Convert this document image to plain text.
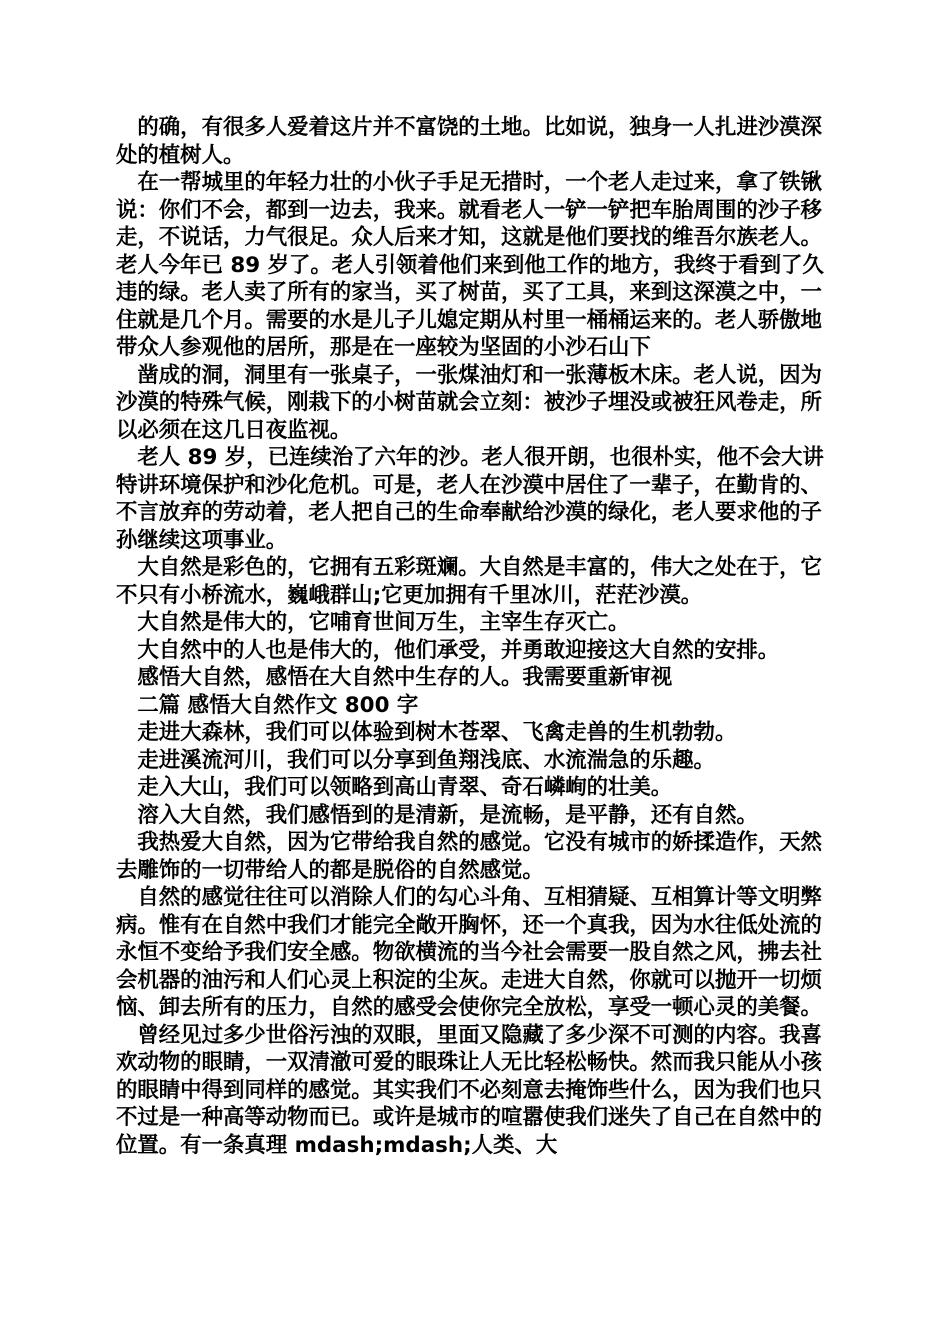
　的确，有很多人爱着这片并不富饶的土地。比如说，独身一人扎进沙漠深处的植树人。

　在一帮城里的年轻力壮的小伙子手足无措时，一个老人走过来，拿了铁锹说：你们不会，都到一边去，我来。就看老人一铲一铲把车胎周围的沙子移走，不说话，力气很足。众人后来才知，这就是他们要找的维吾尔族老人。老人今年已 89 岁了。老人引领着他们来到他工作的地方，我终于看到了久违的绿。老人卖了所有的家当，买了树苗，买了工具，来到这深漠之中，一住就是几个月。需要的水是儿子儿媳定期从村里一桶桶运来的。老人骄傲地带众人参观他的居所，那是在一座较为坚固的小沙石山下

　凿成的洞，洞里有一张桌子，一张煤油灯和一张薄板木床。老人说，因为沙漠的特殊气候，刚栽下的小树苗就会立刻：被沙子埋没或被狂风卷走，所以必须在这几日夜监视。

　老人 89 岁，已连续治了六年的沙。老人很开朗，也很朴实，他不会大讲特讲环境保护和沙化危机。可是，老人在沙漠中居住了一辈子，在勤肯的、不言放弃的劳动着，老人把自己的生命奉献给沙漠的绿化，老人要求他的子孙继续这项事业。

　大自然是彩色的，它拥有五彩斑斓。大自然是丰富的，伟大之处在于，它不只有小桥流水，巍峨群山;它更加拥有千里冰川，茫茫沙漠。

　大自然是伟大的，它哺育世间万生，主宰生存灭亡。

　大自然中的人也是伟大的，他们承受，并勇敢迎接这大自然的安排。

　感悟大自然，感悟在大自然中生存的人。我需要重新审视

　二篇 感悟大自然作文 800 字

　走进大森林，我们可以体验到树木苍翠、飞禽走兽的生机勃勃。

　走进溪流河川，我们可以分享到鱼翔浅底、水流湍急的乐趣。

　走入大山，我们可以领略到高山青翠、奇石嶙峋的壮美。

　溶入大自然，我们感悟到的是清新，是流畅，是平静，还有自然。

　我热爱大自然，因为它带给我自然的感觉。它没有城市的娇揉造作，天然去雕饰的一切带给人的都是脱俗的自然感觉。

　自然的感觉往往可以消除人们的勾心斗角、互相猜疑、互相算计等文明弊病。惟有在自然中我们才能完全敞开胸怀，还一个真我，因为水往低处流的永恒不变给予我们安全感。物欲横流的当今社会需要一股自然之风，拂去社会机器的油污和人们心灵上积淀的尘灰。走进大自然，你就可以抛开一切烦恼、卸去所有的压力，自然的感受会使你完全放松，享受一顿心灵的美餐。

　曾经见过多少世俗污浊的双眼，里面又隐藏了多少深不可测的内容。我喜欢动物的眼睛，一双清澈可爱的眼珠让人无比轻松畅快。然而我只能从小孩的眼睛中得到同样的感觉。其实我们不必刻意去掩饰些什么，因为我们也只不过是一种高等动物而已。或许是城市的喧嚣使我们迷失了自己在自然中的位置。有一条真理 mdash;mdash;人类、大
